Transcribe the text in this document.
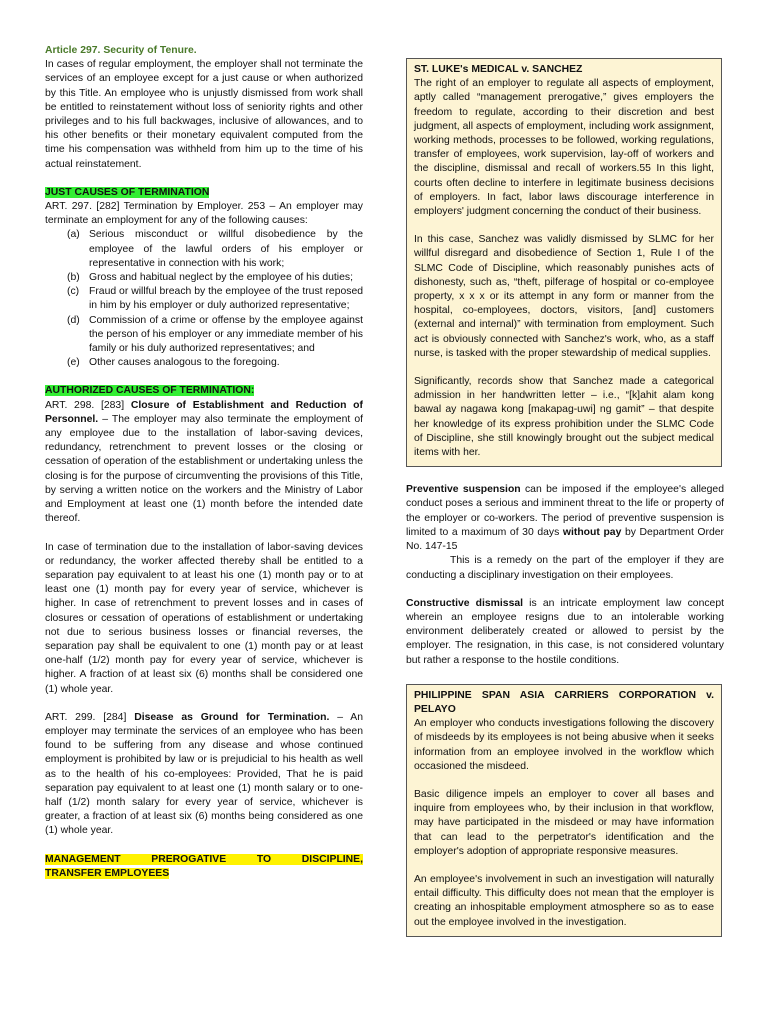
Article 297. Security of Tenure.

In cases of regular employment, the employer shall not terminate the services of an employee except for a just cause or when authorized by this Title. An employee who is unjustly dismissed from work shall be entitled to reinstatement without loss of seniority rights and other privileges and to his full backwages, inclusive of allowances, and to his other benefits or their monetary equivalent computed from the time his compensation was withheld from him up to the time of his actual reinstatement.

JUST CAUSES OF TERMINATION

ART. 297. [282] Termination by Employer. 253 – An employer may terminate an employment for any of the following causes:

(a) Serious misconduct or willful disobedience by the employee of the lawful orders of his employer or representative in connection with his work;
(b) Gross and habitual neglect by the employee of his duties;
(c) Fraud or willful breach by the employee of the trust reposed in him by his employer or duly authorized representative;
(d) Commission of a crime or offense by the employee against the person of his employer or any immediate member of his family or his duly authorized representatives; and
(e) Other causes analogous to the foregoing.

AUTHORIZED CAUSES OF TERMINATION:

ART. 298. [283] Closure of Establishment and Reduction of Personnel. – The employer may also terminate the employment of any employee due to the installation of labor-saving devices, redundancy, retrenchment to prevent losses or the closing or cessation of operation of the establishment or undertaking unless the closing is for the purpose of circumventing the provisions of this Title, by serving a written notice on the workers and the Ministry of Labor and Employment at least one (1) month before the intended date thereof.

In case of termination due to the installation of labor-saving devices or redundancy, the worker affected thereby shall be entitled to a separation pay equivalent to at least his one (1) month pay or to at least one (1) month pay for every year of service, whichever is higher. In case of retrenchment to prevent losses and in cases of closures or cessation of operations of establishment or undertaking not due to serious business losses or financial reverses, the separation pay shall be equivalent to one (1) month pay or at least one-half (1/2) month pay for every year of service, whichever is higher. A fraction of at least six (6) months shall be considered one (1) whole year.

ART. 299. [284] Disease as Ground for Termination. – An employer may terminate the services of an employee who has been found to be suffering from any disease and whose continued employment is prohibited by law or is prejudicial to his health as well as to the health of his co-employees: Provided, That he is paid separation pay equivalent to at least one (1) month salary or to one-half (1/2) month salary for every year of service, whichever is greater, a fraction of at least six (6) months being considered as one (1) whole year.

MANAGEMENT PREROGATIVE TO DISCIPLINE,

TRANSFER EMPLOYEES

ST. LUKE's MEDICAL v. SANCHEZ

The right of an employer to regulate all aspects of employment, aptly called “management prerogative,” gives employers the freedom to regulate, according to their discretion and best judgment, all aspects of employment, including work assignment, working methods, processes to be followed, working regulations, transfer of employees, work supervision, lay-off of workers and the discipline, dismissal and recall of workers.55 In this light, courts often decline to interfere in legitimate business decisions of employers. In fact, labor laws discourage interference in employers' judgment concerning the conduct of their business.

In this case, Sanchez was validly dismissed by SLMC for her willful disregard and disobedience of Section 1, Rule I of the SLMC Code of Discipline, which reasonably punishes acts of dishonesty, such as, “theft, pilferage of hospital or co-employee property, x x x or its attempt in any form or manner from the hospital, co-employees, doctors, visitors, [and] customers (external and internal)” with termination from employment. Such act is obviously connected with Sanchez's work, who, as a staff nurse, is tasked with the proper stewardship of medical supplies.

Significantly, records show that Sanchez made a categorical admission in her handwritten letter – i.e., “[k]ahit alam kong bawal ay nagawa kong [makapag-uwi] ng gamit” – that despite her knowledge of its express prohibition under the SLMC Code of Discipline, she still knowingly brought out the subject medical items with her.

Preventive suspension can be imposed if the employee's alleged conduct poses a serious and imminent threat to the life or property of the employer or co-workers. The period of preventive suspension is limited to a maximum of 30 days without pay by Department Order No. 147-15

This is a remedy on the part of the employer if they are conducting a disciplinary investigation on their employees.

Constructive dismissal is an intricate employment law concept wherein an employee resigns due to an intolerable working environment deliberately created or allowed to persist by the employer. The resignation, in this case, is not considered voluntary but rather a response to the hostile conditions.

PHILIPPINE SPAN ASIA CARRIERS CORPORATION v. PELAYO

An employer who conducts investigations following the discovery of misdeeds by its employees is not being abusive when it seeks information from an employee involved in the workflow which occasioned the misdeed.

Basic diligence impels an employer to cover all bases and inquire from employees who, by their inclusion in that workflow, may have participated in the misdeed or may have information that can lead to the perpetrator's identification and the employer's adoption of appropriate responsive measures.

An employee's involvement in such an investigation will naturally entail difficulty. This difficulty does not mean that the employer is creating an inhospitable employment atmosphere so as to ease out the employee involved in the investigation.
